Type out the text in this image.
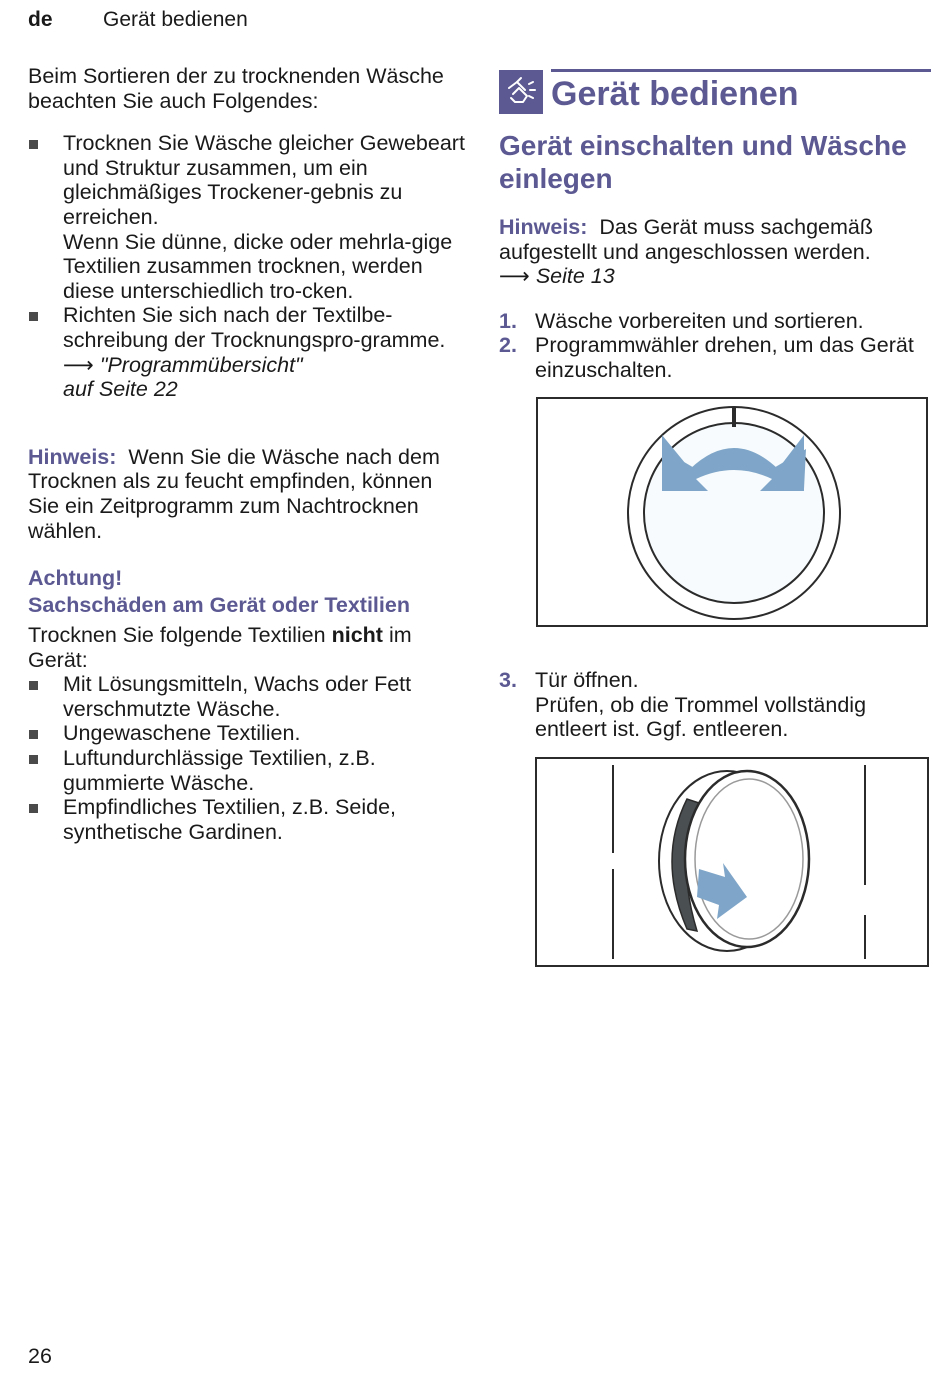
de Gerät bedienen

Beim Sortieren der zu trocknenden Wäsche beachten Sie auch Folgendes:

Trocknen Sie Wäsche gleicher Gewebeart und Struktur zusammen, um ein gleichmäßiges Trockener-gebnis zu erreichen.
Wenn Sie dünne, dicke oder mehrla-gige Textilien zusammen trocknen, werden diese unterschiedlich tro-cken.
Richten Sie sich nach der Textilbe-schreibung der Trocknungspro-gramme.
⟶ "Programmübersicht"
auf Seite 22

Hinweis: Wenn Sie die Wäsche nach dem Trocknen als zu feucht empfinden, können Sie ein Zeitprogramm zum Nachtrocknen wählen.

Achtung!
Sachschäden am Gerät oder Textilien

Trocknen Sie folgende Textilien nicht im Gerät:

Mit Lösungsmitteln, Wachs oder Fett verschmutzte Wäsche.
Ungewaschene Textilien.
Luftundurchlässige Textilien, z.B. gummierte Wäsche.
Empfindliches Textilien, z.B. Seide, synthetische Gardinen.
Gerät bedienen
Gerät einschalten und Wäsche einlegen

Hinweis: Das Gerät muss sachgemäß aufgestellt und angeschlossen werden.
⟶ Seite 13

1. Wäsche vorbereiten und sortieren.
2. Programmwähler drehen, um das Gerät einzuschalten.
3. Tür öffnen.
Prüfen, ob die Trommel vollständig entleert ist. Ggf. entleeren.
26
